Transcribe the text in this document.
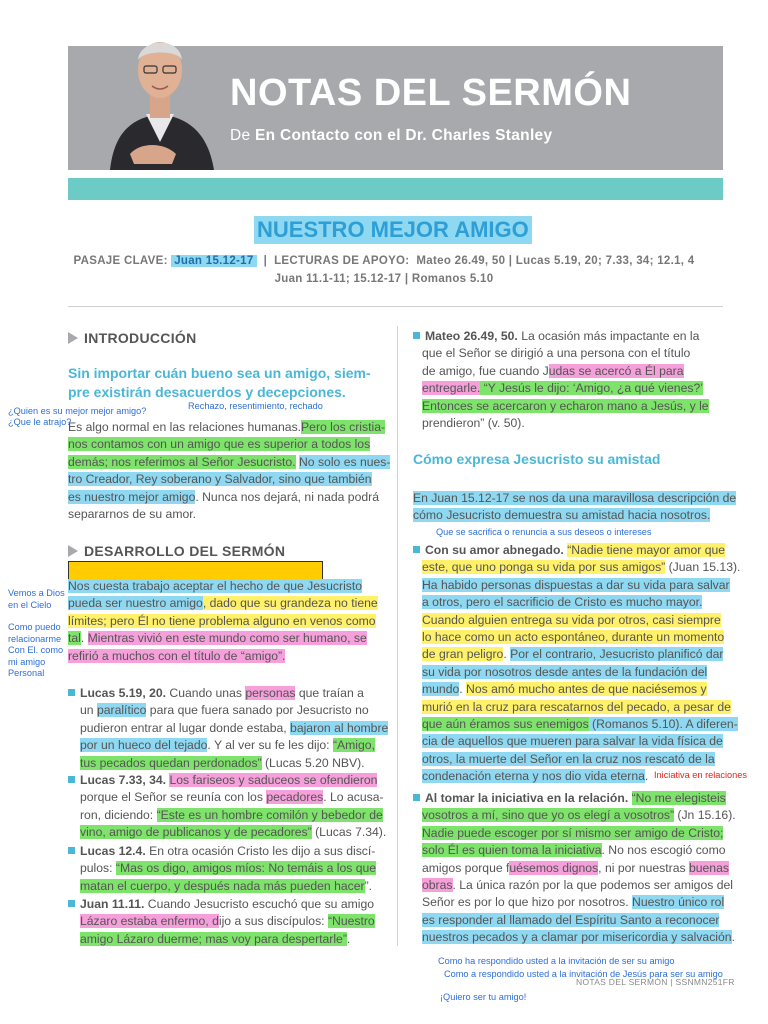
NOTAS DEL SERMÓN
De En Contacto con el Dr. Charles Stanley
NUESTRO MEJOR AMIGO
PASAJE CLAVE: Juan 15.12-17 | LECTURAS DE APOYO: Mateo 26.49, 50 | Lucas 5.19, 20; 7.33, 34; 12.1, 4
Juan 11.1-11; 15.12-17 | Romanos 5.10
INTRODUCCIÓN
Sin importar cuán bueno sea un amigo, siem-
pre existirán desacuerdos y decepciones.
Es algo normal en las relaciones humanas.Pero los cristia-
nos contamos con un amigo que es superior a todos los
demás; nos referimos al Señor Jesucristo. No solo es nues-
tro Creador, Rey soberano y Salvador, sino que también
es nuestro mejor amigo. Nunca nos dejará, ni nada podrá
separarnos de su amor.
DESARROLLO DEL SERMÓN
Nos cuesta trabajo aceptar el hecho de que Jesucristo
pueda ser nuestro amigo, dado que su grandeza no tiene
límites; pero Él no tiene problema alguno en venos como
tal. Mientras vivió en este mundo como ser humano, se
refirió a muchos con el título de “amigo”.
Lucas 5.19, 20. Cuando unas personas que traían a
un paralítico para que fuera sanado por Jesucristo no
pudieron entrar al lugar donde estaba, bajaron al hombre
por un hueco del tejado. Y al ver su fe les dijo: “Amigo,
tus pecados quedan perdonados” (Lucas 5.20 NBV).
Lucas 7.33, 34. Los fariseos y saduceos se ofendieron
porque el Señor se reunía con los pecadores. Lo acusa-
ron, diciendo: “Este es un hombre comilón y bebedor de
vino, amigo de publicanos y de pecadores” (Lucas 7.34).
Lucas 12.4. En otra ocasión Cristo les dijo a sus discí-
pulos: “Mas os digo, amigos míos: No temáis a los que
matan el cuerpo, y después nada más pueden hacer”.
Juan 11.11. Cuando Jesucristo escuchó que su amigo
Lázaro estaba enfermo, dijo a sus discípulos: “Nuestro
amigo Lázaro duerme; mas voy para despertarle”.
Mateo 26.49, 50. La ocasión más impactante en la
que el Señor se dirigió a una persona con el título
de amigo, fue cuando Judas se acercó a Él para
entregarle. “Y Jesús le dijo: ‘Amigo, ¿a qué vienes?’
Entonces se acercaron y echaron mano a Jesús, y le
prendieron” (v. 50).
Cómo expresa Jesucristo su amistad
En Juan 15.12-17 se nos da una maravillosa descripción de
cómo Jesucristo demuestra su amistad hacia nosotros.
Con su amor abnegado. “Nadie tiene mayor amor que
este, que uno ponga su vida por sus amigos” (Juan 15.13).
Ha habido personas dispuestas a dar su vida para salvar
a otros, pero el sacrificio de Cristo es mucho mayor.
Cuando alguien entrega su vida por otros, casi siempre
lo hace como un acto espontáneo, durante un momento
de gran peligro. Por el contrario, Jesucristo planificó dar
su vida por nosotros desde antes de la fundación del
mundo. Nos amó mucho antes de que naciésemos y
murió en la cruz para rescatarnos del pecado, a pesar de
que aún éramos sus enemigos (Romanos 5.10). A diferen-
cia de aquellos que mueren para salvar la vida física de
otros, la muerte del Señor en la cruz nos rescató de la
condenación eterna y nos dio vida eterna.
Al tomar la iniciativa en la relación. “No me elegisteis
vosotros a mí, sino que yo os elegí a vosotros” (Jn 15.16).
Nadie puede escoger por sí mismo ser amigo de Cristo;
solo Él es quien toma la iniciativa. No nos escogió como
amigos porque fuésemos dignos, ni por nuestras buenas
obras. La única razón por la que podemos ser amigos del
Señor es por lo que hizo por nosotros. Nuestro único rol
es responder al llamado del Espíritu Santo a reconocer
nuestros pecados y a clamar por misericordia y salvación.
Rechazo, resentimiento, rechado
¿Quien es su mejor mejor amigo?
¿Que le atrajo?
Vemos a Dios
en el Cielo
Como puedo
relacionarme
Con El. como
mi amigo
Personal
Que se sacrifica o renuncia a sus deseos o intereses
Iniciativa en relaciones
Como ha respondido usted a la invitación de ser su amigo
Como a respondido usted a la invitación de Jesús para ser su amigo
¡Quiero ser tu amigo!
NOTAS DEL SERMÓN | SSNMN251FR
